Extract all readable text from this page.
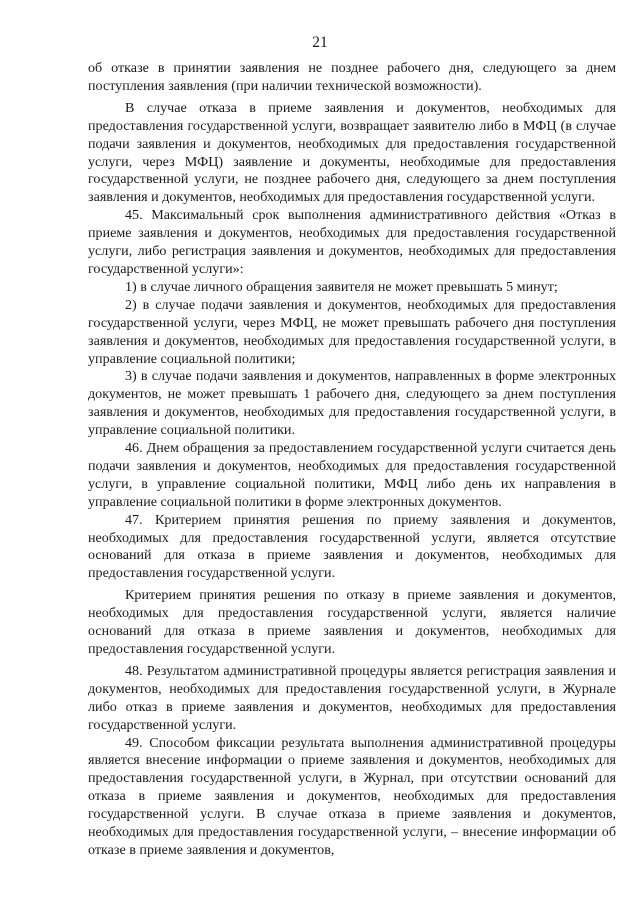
21

об отказе в принятии заявления не позднее рабочего дня, следующего за днем поступления заявления (при наличии технической возможности).

В случае отказа в приеме заявления и документов, необходимых для предоставления государственной услуги, возвращает заявителю либо в МФЦ (в случае подачи заявления и документов, необходимых для предоставления государственной услуги, через МФЦ) заявление и документы, необходимые для предоставления государственной услуги, не позднее рабочего дня, следующего за днем поступления заявления и документов, необходимых для предоставления государственной услуги.

45. Максимальный срок выполнения административного действия «Отказ в приеме заявления и документов, необходимых для предоставления государственной услуги, либо регистрация заявления и документов, необходимых для предоставления государственной услуги»:

1) в случае личного обращения заявителя не может превышать 5 минут;

2) в случае подачи заявления и документов, необходимых для предоставления государственной услуги, через МФЦ, не может превышать рабочего дня поступления заявления и документов, необходимых для предоставления государственной услуги, в управление социальной политики;

3) в случае подачи заявления и документов, направленных в форме электронных документов, не может превышать 1 рабочего дня, следующего за днем поступления заявления и документов, необходимых для предоставления государственной услуги, в управление социальной политики.

46. Днем обращения за предоставлением государственной услуги считается день подачи заявления и документов, необходимых для предоставления государственной услуги, в управление социальной политики, МФЦ либо день их направления в управление социальной политики в форме электронных документов.

47. Критерием принятия решения по приему заявления и документов, необходимых для предоставления государственной услуги, является отсутствие оснований для отказа в приеме заявления и документов, необходимых для предоставления государственной услуги.

Критерием принятия решения по отказу в приеме заявления и документов, необходимых для предоставления государственной услуги, является наличие оснований для отказа в приеме заявления и документов, необходимых для предоставления государственной услуги.

48. Результатом административной процедуры является регистрация заявления и документов, необходимых для предоставления государственной услуги, в Журнале либо отказ в приеме заявления и документов, необходимых для предоставления государственной услуги.

49. Способом фиксации результата выполнения административной процедуры является внесение информации о приеме заявления и документов, необходимых для предоставления государственной услуги, в Журнал, при отсутствии оснований для отказа в приеме заявления и документов, необходимых для предоставления государственной услуги. В случае отказа в приеме заявления и документов, необходимых для предоставления государственной услуги, – внесение информации об отказе в приеме заявления и документов,
